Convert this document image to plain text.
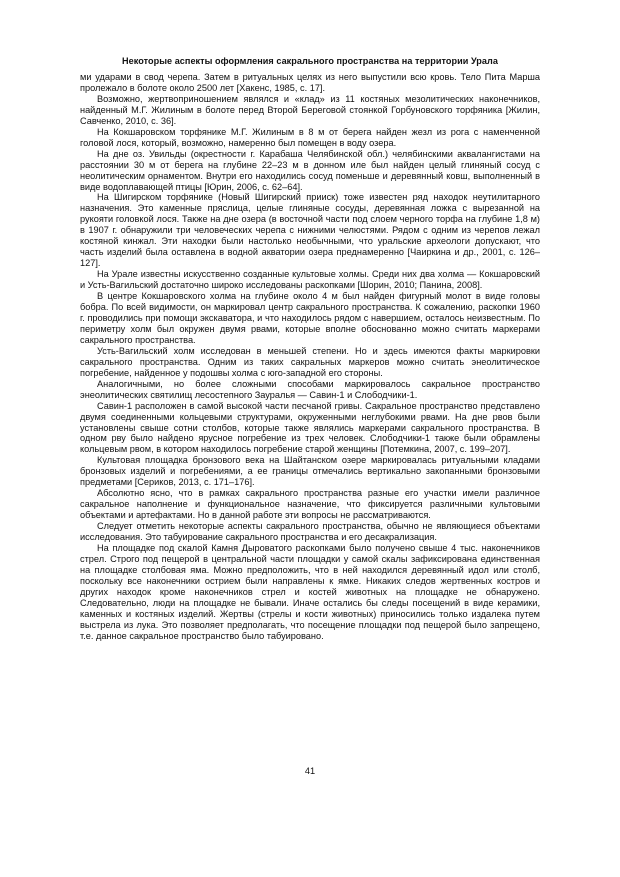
Некоторые аспекты оформления сакрального пространства на территории Урала

ми ударами в свод черепа. Затем в ритуальных целях из него выпустили всю кровь. Тело Пита Марша пролежало в болоте около 2500 лет [Хакенс, 1985, с. 17].

Возможно, жертвоприношением являлся и «клад» из 11 костяных мезолитических наконечников, найденный М.Г. Жилиным в болоте перед Второй Береговой стоянкой Горбуновского торфяника [Жилин, Савченко, 2010, с. 36].

На Кокшаровском торфянике М.Г. Жилиным в 8 м от берега найден жезл из рога с наменченной головой лося, который, возможно, намеренно был помещен в воду озера.

На дне оз. Увильды (окрестности г. Карабаша Челябинской обл.) челябинскими аквалангистами на расстоянии 30 м от берега на глубине 22–23 м в донном иле был найден целый глиняный сосуд с неолитическим орнаментом. Внутри его находились сосуд поменьше и деревянный ковш, выполненный в виде водоплавающей птицы [Юрин, 2006, с. 62–64].

На Шигирском торфянике (Новый Шигирский прииск) тоже известен ряд находок неутилитарного назначения. Это каменные пряслица, целые глиняные сосуды, деревянная ложка с вырезанной на рукояти головкой лося. Также на дне озера (в восточной части под слоем черного торфа на глубине 1,8 м) в 1907 г. обнаружили три человеческих черепа с нижними челюстями. Рядом с одним из черепов лежал костяной кинжал. Эти находки были настолько необычными, что уральские археологи допускают, что часть изделий была оставлена в водной акватории озера преднамеренно [Чаиркина и др., 2001, с. 126–127].

На Урале известны искусственно созданные культовые холмы. Среди них два холма — Кокшаровский и Усть-Вагильский достаточно широко исследованы раскопками [Шорин, 2010; Панина, 2008].

В центре Кокшаровского холма на глубине около 4 м был найден фигурный молот в виде головы бобра. По всей видимости, он маркировал центр сакрального пространства. К сожалению, раскопки 1960 г. проводились при помощи экскаватора, и что находилось рядом с навершием, осталось неизвестным. По периметру холм был окружен двумя рвами, которые вполне обоснованно можно считать маркерами сакрального пространства.

Усть-Вагильский холм исследован в меньшей степени. Но и здесь имеются факты маркировки сакрального пространства. Одним из таких сакральных маркеров можно считать энеолитическое погребение, найденное у подошвы холма с юго-западной его стороны.

Аналогичными, но более сложными способами маркировалось сакральное пространство энеолитических святилищ лесостепного Зауралья — Савин-1 и Слободчики-1.

Савин-1 расположен в самой высокой части песчаной гривы. Сакральное пространство представлено двумя соединенными кольцевыми структурами, окруженными неглубокими рвами. На дне рвов были установлены свыше сотни столбов, которые также являлись маркерами сакрального пространства. В одном рву было найдено ярусное погребение из трех человек. Слободчики-1 также были обрамлены кольцевым рвом, в котором находилось погребение старой женщины [Потемкина, 2007, с. 199–207].

Культовая площадка бронзового века на Шайтанском озере маркировалась ритуальными кладами бронзовых изделий и погребениями, а ее границы отмечались вертикально закопанными бронзовыми предметами [Сериков, 2013, с. 171–176].

Абсолютно ясно, что в рамках сакрального пространства разные его участки имели различное сакральное наполнение и функциональное назначение, что фиксируется различными культовыми объектами и артефактами. Но в данной работе эти вопросы не рассматриваются.

Следует отметить некоторые аспекты сакрального пространства, обычно не являющиеся объектами исследования. Это табуирование сакрального пространства и его десакрализация.

На площадке под скалой Камня Дыроватого раскопками было получено свыше 4 тыс. наконечников стрел. Строго под пещерой в центральной части площадки у самой скалы зафиксирована единственная на площадке столбовая яма. Можно предположить, что в ней находился деревянный идол или столб, поскольку все наконечники острием были направлены к ямке. Никаких следов жертвенных костров и других находок кроме наконечников стрел и костей животных на площадке не обнаружено. Следовательно, люди на площадке не бывали. Иначе остались бы следы посещений в виде керамики, каменных и костяных изделий. Жертвы (стрелы и кости животных) приносились только издалека путем выстрела из лука. Это позволяет предполагать, что посещение площадки под пещерой было запрещено, т.е. данное сакральное пространство было табуировано.

41
